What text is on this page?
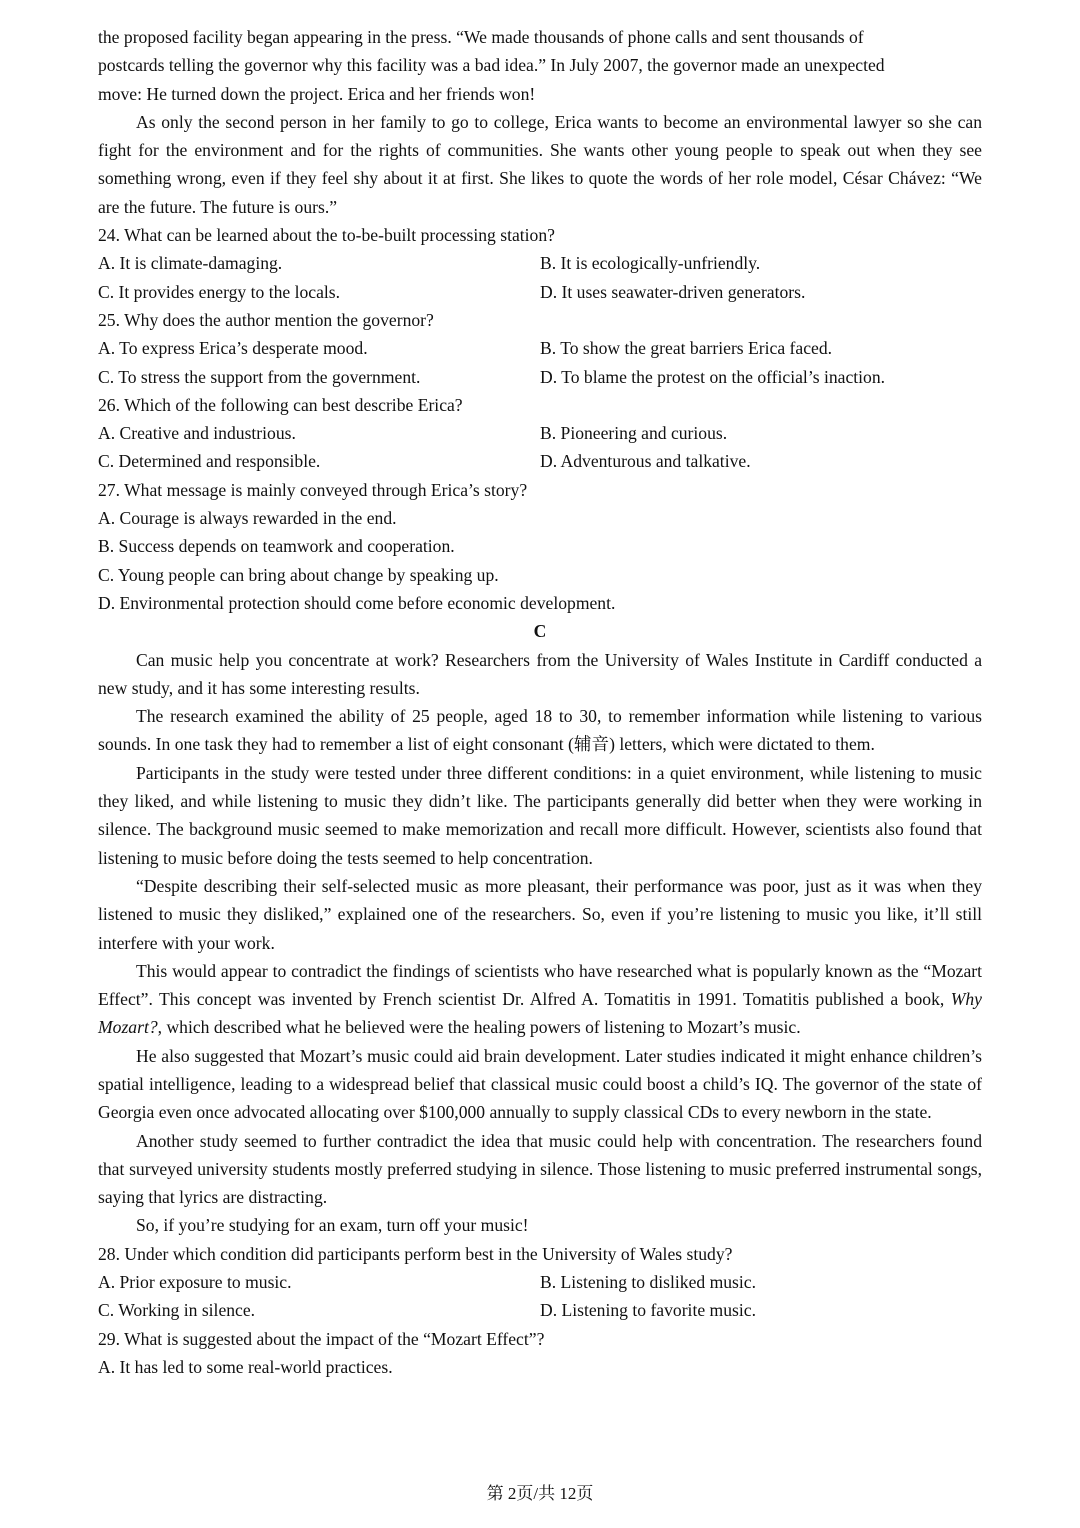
the proposed facility began appearing in the press. “We made thousands of phone calls and sent thousands of
postcards telling the governor why this facility was a bad idea.” In July 2007, the governor made an unexpected
move: He turned down the project. Erica and her friends won!

As only the second person in her family to go to college, Erica wants to become an environmental lawyer so she can fight for the environment and for the rights of communities. She wants other young people to speak out when they see something wrong, even if they feel shy about it at first. She likes to quote the words of her role model, César Chávez: “We are the future. The future is ours.”

24. What can be learned about the to-be-built processing station?
A. It is climate-damaging.	B. It is ecologically-unfriendly.
C. It provides energy to the locals.	D. It uses seawater-driven generators.
25. Why does the author mention the governor?
A. To express Erica’s desperate mood.	B. To show the great barriers Erica faced.
C. To stress the support from the government.	D. To blame the protest on the official’s inaction.
26. Which of the following can best describe Erica?
A. Creative and industrious.	B. Pioneering and curious.
C. Determined and responsible.	D. Adventurous and talkative.
27. What message is mainly conveyed through Erica’s story?
A. Courage is always rewarded in the end.
B. Success depends on teamwork and cooperation.
C. Young people can bring about change by speaking up.
D. Environmental protection should come before economic development.
C

Can music help you concentrate at work? Researchers from the University of Wales Institute in Cardiff conducted a new study, and it has some interesting results.

The research examined the ability of 25 people, aged 18 to 30, to remember information while listening to various sounds. In one task they had to remember a list of eight consonant (辅音) letters, which were dictated to them.

Participants in the study were tested under three different conditions: in a quiet environment, while listening to music they liked, and while listening to music they didn’t like. The participants generally did better when they were working in silence. The background music seemed to make memorization and recall more difficult. However, scientists also found that listening to music before doing the tests seemed to help concentration.

“Despite describing their self-selected music as more pleasant, their performance was poor, just as it was when they listened to music they disliked,” explained one of the researchers. So, even if you’re listening to music you like, it’ll still interfere with your work.

This would appear to contradict the findings of scientists who have researched what is popularly known as the “Mozart Effect”. This concept was invented by French scientist Dr. Alfred A. Tomatitis in 1991. Tomatitis published a book, Why Mozart?, which described what he believed were the healing powers of listening to Mozart’s music.

He also suggested that Mozart’s music could aid brain development. Later studies indicated it might enhance children’s spatial intelligence, leading to a widespread belief that classical music could boost a child’s IQ. The governor of the state of Georgia even once advocated allocating over $100,000 annually to supply classical CDs to every newborn in the state.

Another study seemed to further contradict the idea that music could help with concentration. The researchers found that surveyed university students mostly preferred studying in silence. Those listening to music preferred instrumental songs, saying that lyrics are distracting.

So, if you’re studying for an exam, turn off your music!

28. Under which condition did participants perform best in the University of Wales study?
A. Prior exposure to music.	B. Listening to disliked music.
C. Working in silence.	D. Listening to favorite music.
29. What is suggested about the impact of the “Mozart Effect”?
A. It has led to some real-world practices.
第 2页/共 12页
